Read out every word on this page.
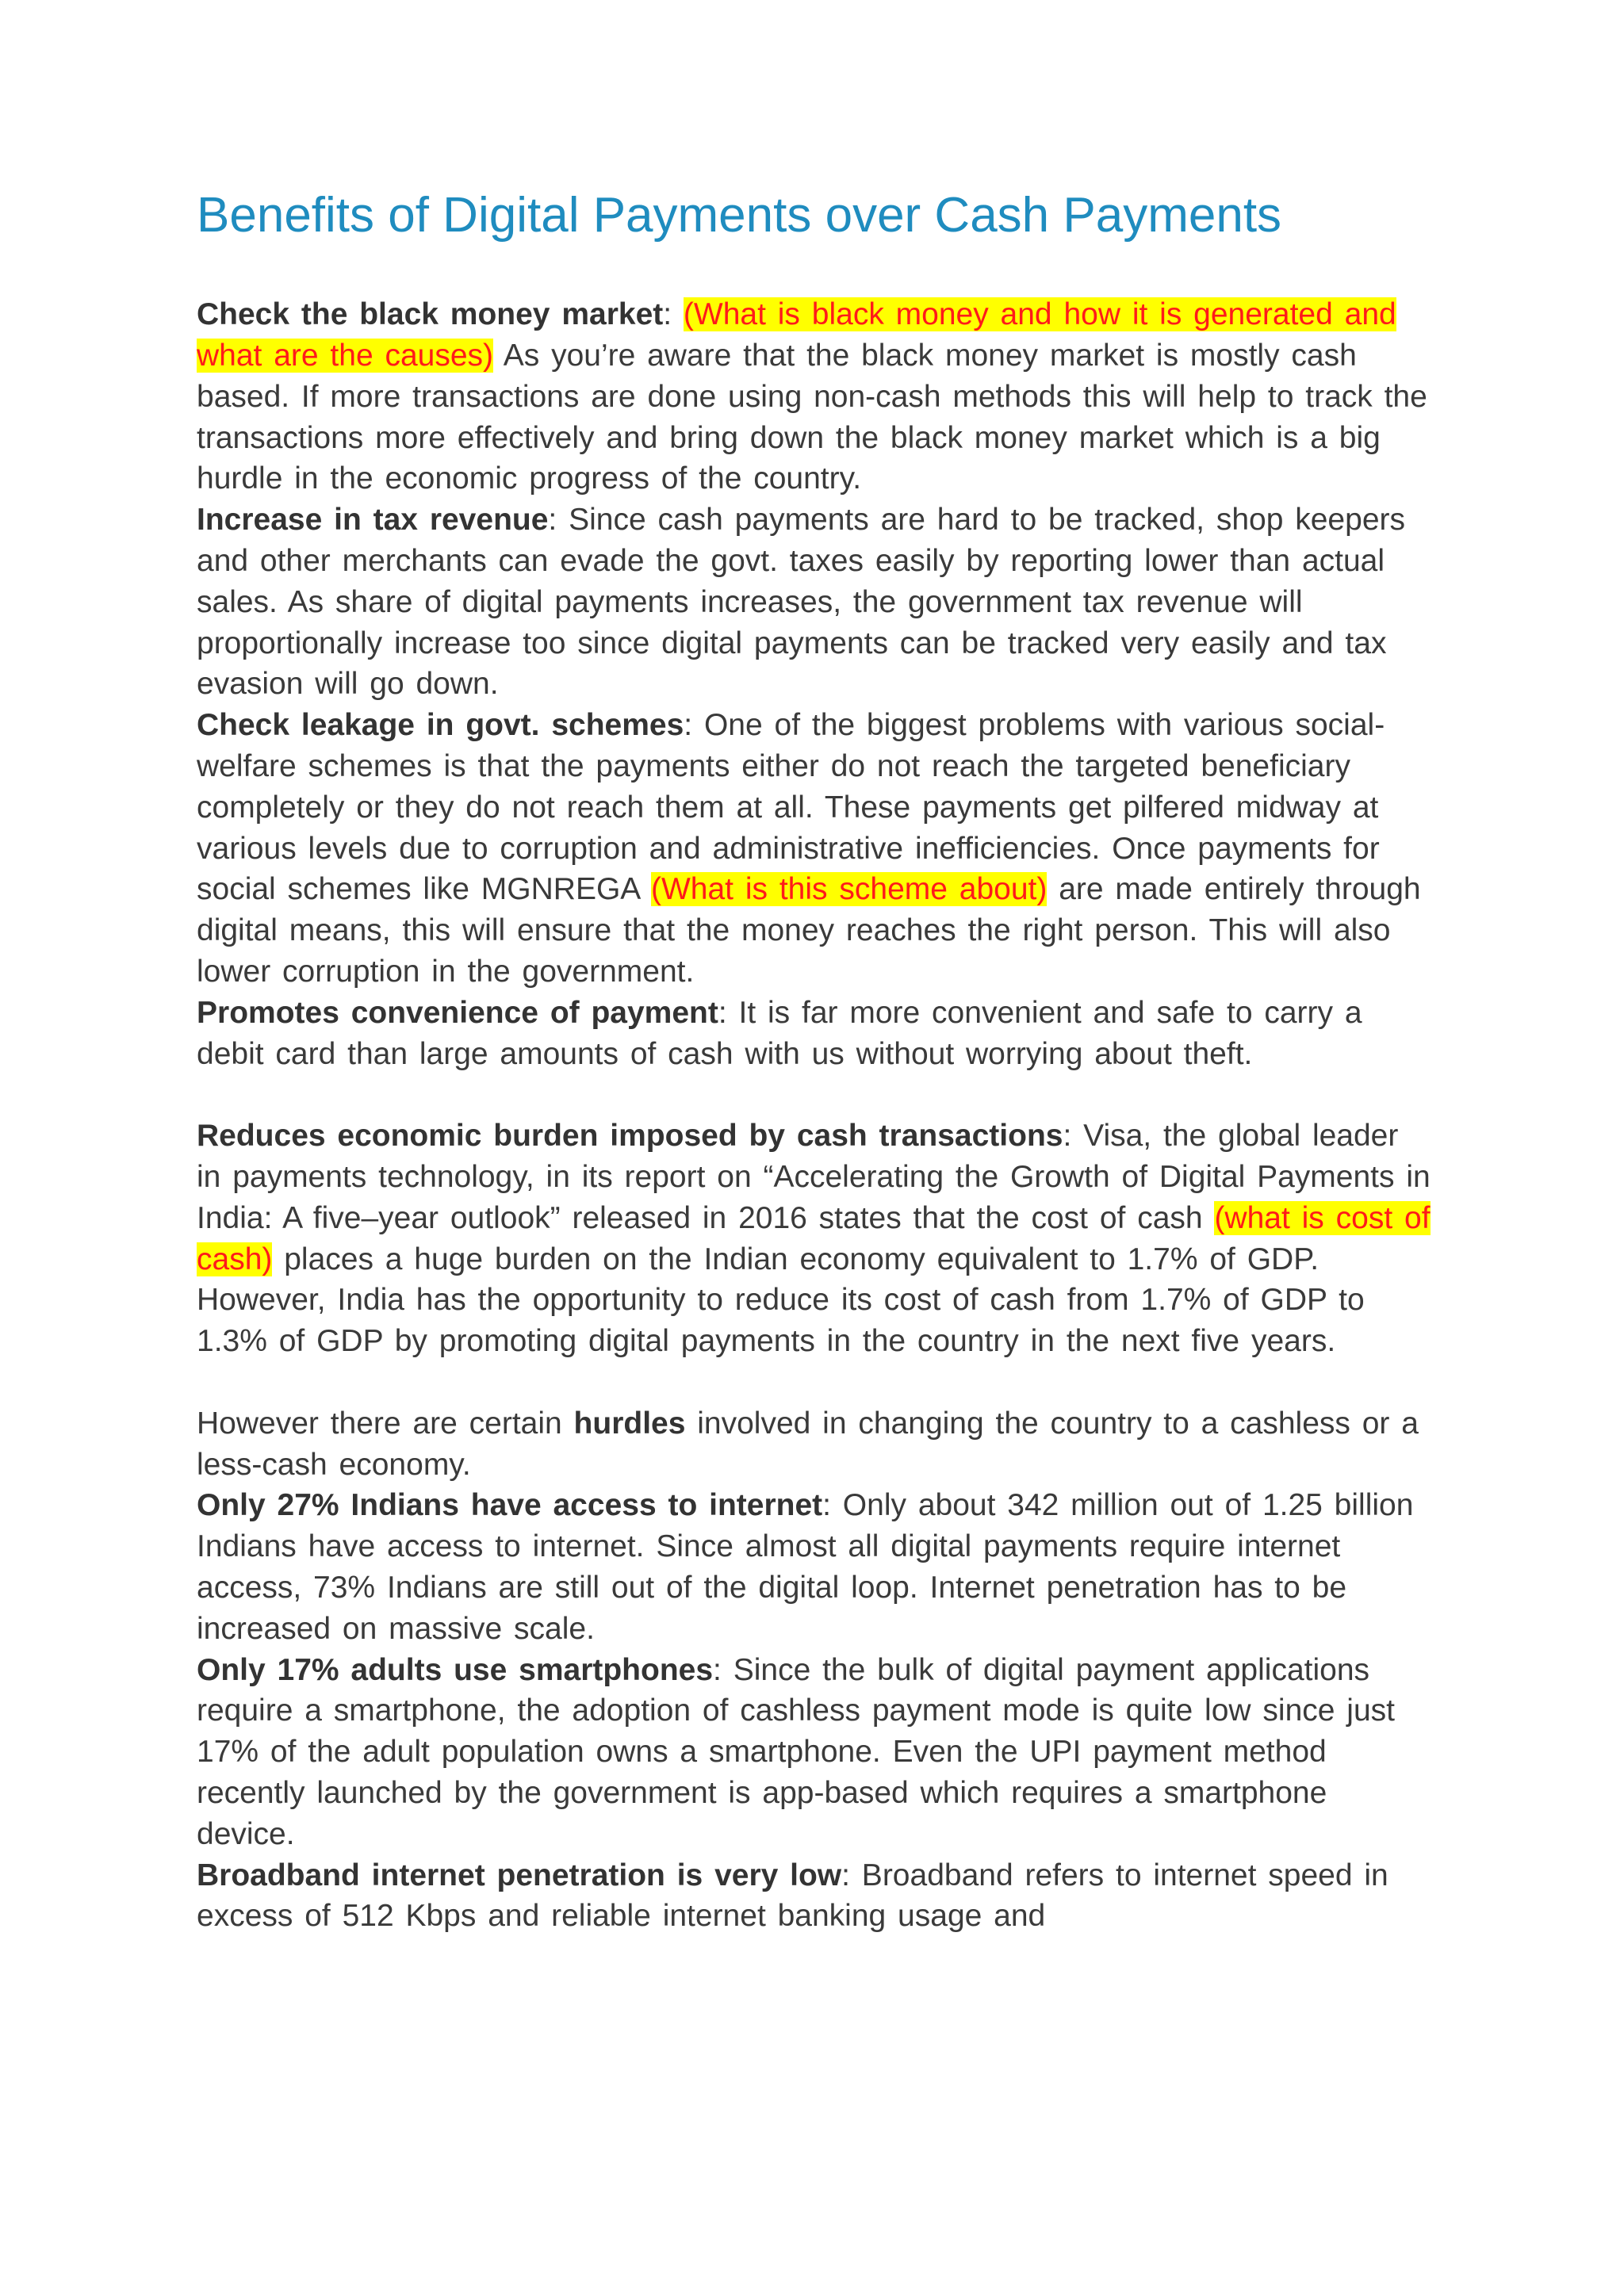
Benefits of Digital Payments over Cash Payments

Check the black money market: (What is black money and how it is generated and what are the causes) As you’re aware that the black money market is mostly cash based. If more transactions are done using non-cash methods this will help to track the transactions more effectively and bring down the black money market which is a big hurdle in the economic progress of the country.

Increase in tax revenue: Since cash payments are hard to be tracked, shop keepers and other merchants can evade the govt. taxes easily by reporting lower than actual sales. As share of digital payments increases, the government tax revenue will proportionally increase too since digital payments can be tracked very easily and tax evasion will go down.

Check leakage in govt. schemes: One of the biggest problems with various social-welfare schemes is that the payments either do not reach the targeted beneficiary completely or they do not reach them at all. These payments get pilfered midway at various levels due to corruption and administrative inefficiencies. Once payments for social schemes like MGNREGA (What is this scheme about) are made entirely through digital means, this will ensure that the money reaches the right person. This will also lower corruption in the government.

Promotes convenience of payment: It is far more convenient and safe to carry a debit card than large amounts of cash with us without worrying about theft.

Reduces economic burden imposed by cash transactions: Visa, the global leader in payments technology, in its report on “Accelerating the Growth of Digital Payments in India: A five–year outlook” released in 2016 states that the cost of cash (what is cost of cash) places a huge burden on the Indian economy equivalent to 1.7% of GDP. However, India has the opportunity to reduce its cost of cash from 1.7% of GDP to 1.3% of GDP by promoting digital payments in the country in the next five years.

However there are certain hurdles involved in changing the country to a cashless or a less-cash economy.

Only 27% Indians have access to internet: Only about 342 million out of 1.25 billion Indians have access to internet. Since almost all digital payments require internet access, 73% Indians are still out of the digital loop. Internet penetration has to be increased on massive scale.

Only 17% adults use smartphones: Since the bulk of digital payment applications require a smartphone, the adoption of cashless payment mode is quite low since just 17% of the adult population owns a smartphone. Even the UPI payment method recently launched by the government is app-based which requires a smartphone device.

Broadband internet penetration is very low: Broadband refers to internet speed in excess of 512 Kbps and reliable internet banking usage and
